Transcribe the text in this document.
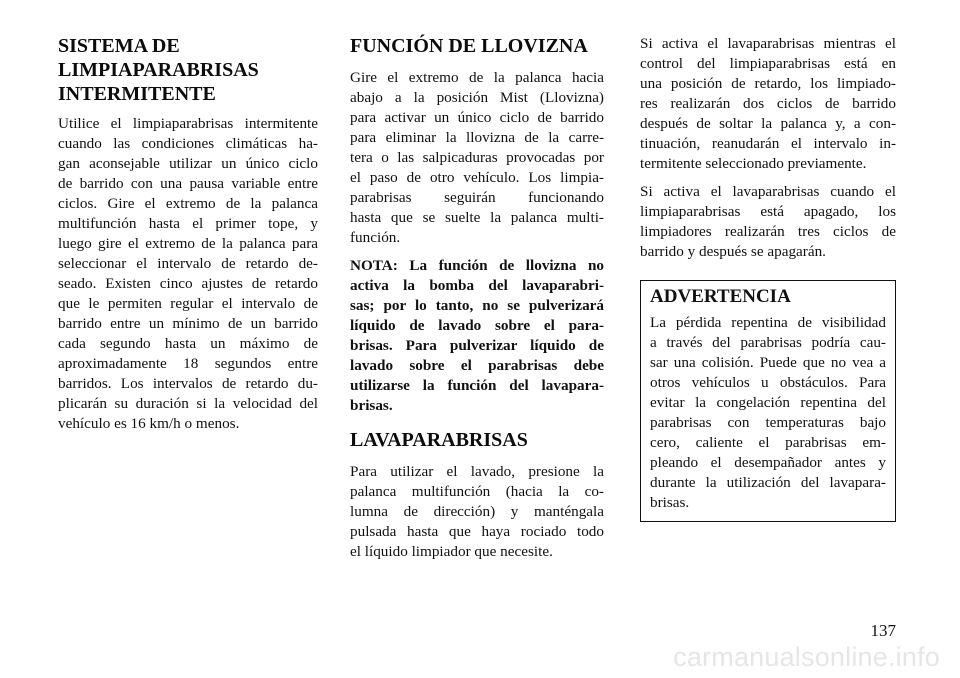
SISTEMA DE
LIMPIAPARABRISAS
INTERMITENTE

Utilice el limpiaparabrisas intermitente
cuando las condiciones climáticas ha-
gan aconsejable utilizar un único ciclo
de barrido con una pausa variable entre
ciclos. Gire el extremo de la palanca
multifunción hasta el primer tope, y
luego gire el extremo de la palanca para
seleccionar el intervalo de retardo de-
seado. Existen cinco ajustes de retardo
que le permiten regular el intervalo de
barrido entre un mínimo de un barrido
cada segundo hasta un máximo de
aproximadamente 18 segundos entre
barridos. Los intervalos de retardo du-
plicarán su duración si la velocidad del
vehículo es 16 km/h o menos.

FUNCIÓN DE LLOVIZNA

Gire el extremo de la palanca hacia
abajo a la posición Mist (Llovizna)
para activar un único ciclo de barrido
para eliminar la llovizna de la carre-
tera o las salpicaduras provocadas por
el paso de otro vehículo. Los limpia-
parabrisas seguirán funcionando
hasta que se suelte la palanca multi-
función.

NOTA: La función de llovizna no
activa la bomba del lavaparabri-
sas; por lo tanto, no se pulverizará
líquido de lavado sobre el para-
brisas. Para pulverizar líquido de
lavado sobre el parabrisas debe
utilizarse la función del lavapara-
brisas.

LAVAPARABRISAS

Para utilizar el lavado, presione la
palanca multifunción (hacia la co-
lumna de dirección) y manténgala
pulsada hasta que haya rociado todo
el líquido limpiador que necesite.

Si activa el lavaparabrisas mientras el
control del limpiaparabrisas está en
una posición de retardo, los limpiado-
res realizarán dos ciclos de barrido
después de soltar la palanca y, a con-
tinuación, reanudarán el intervalo in-
termitente seleccionado previamente.

Si activa el lavaparabrisas cuando el
limpiaparabrisas está apagado, los
limpiadores realizarán tres ciclos de
barrido y después se apagarán.

ADVERTENCIA

La pérdida repentina de visibilidad
a través del parabrisas podría cau-
sar una colisión. Puede que no vea a
otros vehículos u obstáculos. Para
evitar la congelación repentina del
parabrisas con temperaturas bajo
cero, caliente el parabrisas em-
pleando el desempañador antes y
durante la utilización del lavapara-
brisas.

137
carmanualsonline.info
